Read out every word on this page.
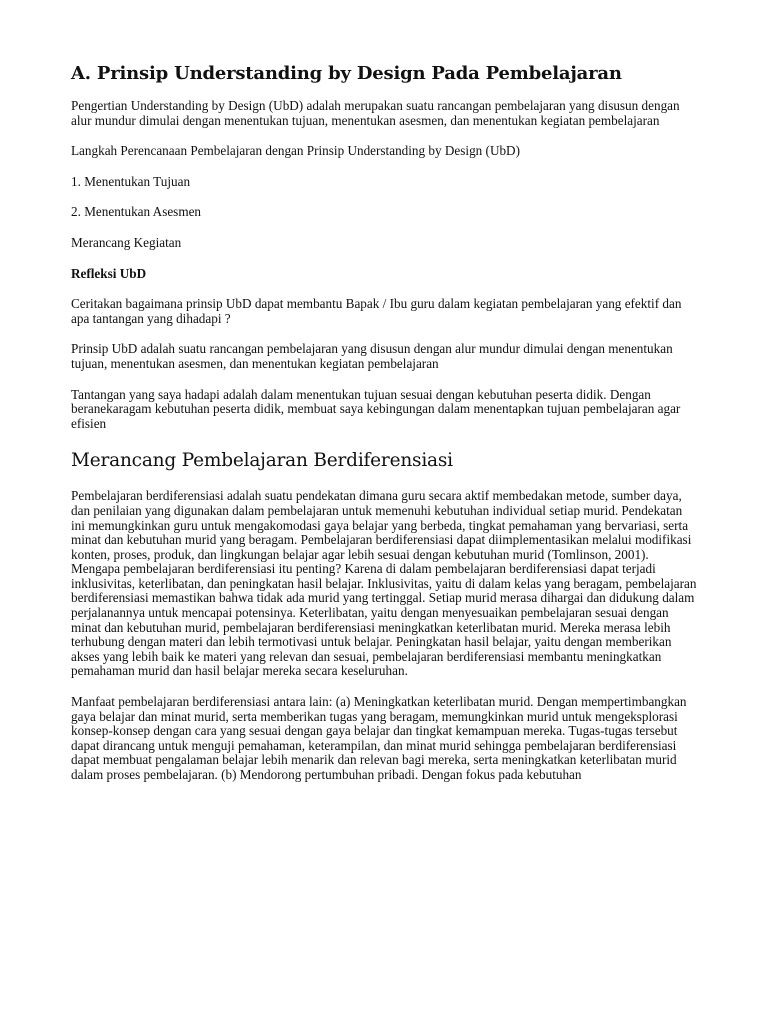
A. Prinsip Understanding by Design Pada Pembelajaran

Pengertian Understanding by Design (UbD) adalah merupakan suatu rancangan pembelajaran yang disusun dengan alur mundur dimulai dengan menentukan tujuan, menentukan asesmen, dan menentukan kegiatan pembelajaran

Langkah Perencanaan Pembelajaran dengan Prinsip Understanding by Design (UbD)

1. Menentukan Tujuan

2. Menentukan Asesmen

Merancang Kegiatan

Refleksi UbD

Ceritakan bagaimana prinsip UbD dapat membantu Bapak / Ibu guru dalam kegiatan pembelajaran yang efektif dan apa tantangan yang dihadapi ?

Prinsip UbD adalah suatu rancangan pembelajaran yang disusun dengan alur mundur dimulai dengan menentukan tujuan, menentukan asesmen, dan menentukan kegiatan pembelajaran

Tantangan yang saya hadapi adalah dalam menentukan tujuan sesuai dengan kebutuhan peserta didik. Dengan beranekaragam kebutuhan peserta didik, membuat saya kebingungan dalam menentapkan tujuan pembelajaran agar efisien

Merancang Pembelajaran Berdiferensiasi

Pembelajaran berdiferensiasi adalah suatu pendekatan dimana guru secara aktif membedakan metode, sumber daya, dan penilaian yang digunakan dalam pembelajaran untuk memenuhi kebutuhan individual setiap murid. Pendekatan ini memungkinkan guru untuk mengakomodasi gaya belajar yang berbeda, tingkat pemahaman yang bervariasi, serta minat dan kebutuhan murid yang beragam. Pembelajaran berdiferensiasi dapat diimplementasikan melalui modifikasi konten, proses, produk, dan lingkungan belajar agar lebih sesuai dengan kebutuhan murid (Tomlinson, 2001). Mengapa pembelajaran berdiferensiasi itu penting? Karena di dalam pembelajaran berdiferensiasi dapat terjadi inklusivitas, keterlibatan, dan peningkatan hasil belajar. Inklusivitas, yaitu di dalam kelas yang beragam, pembelajaran berdiferensiasi memastikan bahwa tidak ada murid yang tertinggal. Setiap murid merasa dihargai dan didukung dalam perjalanannya untuk mencapai potensinya. Keterlibatan, yaitu dengan menyesuaikan pembelajaran sesuai dengan minat dan kebutuhan murid, pembelajaran berdiferensiasi meningkatkan keterlibatan murid. Mereka merasa lebih terhubung dengan materi dan lebih termotivasi untuk belajar. Peningkatan hasil belajar, yaitu dengan memberikan akses yang lebih baik ke materi yang relevan dan sesuai, pembelajaran berdiferensiasi membantu meningkatkan pemahaman murid dan hasil belajar mereka secara keseluruhan.

Manfaat pembelajaran berdiferensiasi antara lain: (a) Meningkatkan keterlibatan murid. Dengan mempertimbangkan gaya belajar dan minat murid, serta memberikan tugas yang beragam, memungkinkan murid untuk mengeksplorasi konsep-konsep dengan cara yang sesuai dengan gaya belajar dan tingkat kemampuan mereka. Tugas-tugas tersebut dapat dirancang untuk menguji pemahaman, keterampilan, dan minat murid sehingga pembelajaran berdiferensiasi dapat membuat pengalaman belajar lebih menarik dan relevan bagi mereka, serta meningkatkan keterlibatan murid dalam proses pembelajaran. (b) Mendorong pertumbuhan pribadi. Dengan fokus pada kebutuhan
